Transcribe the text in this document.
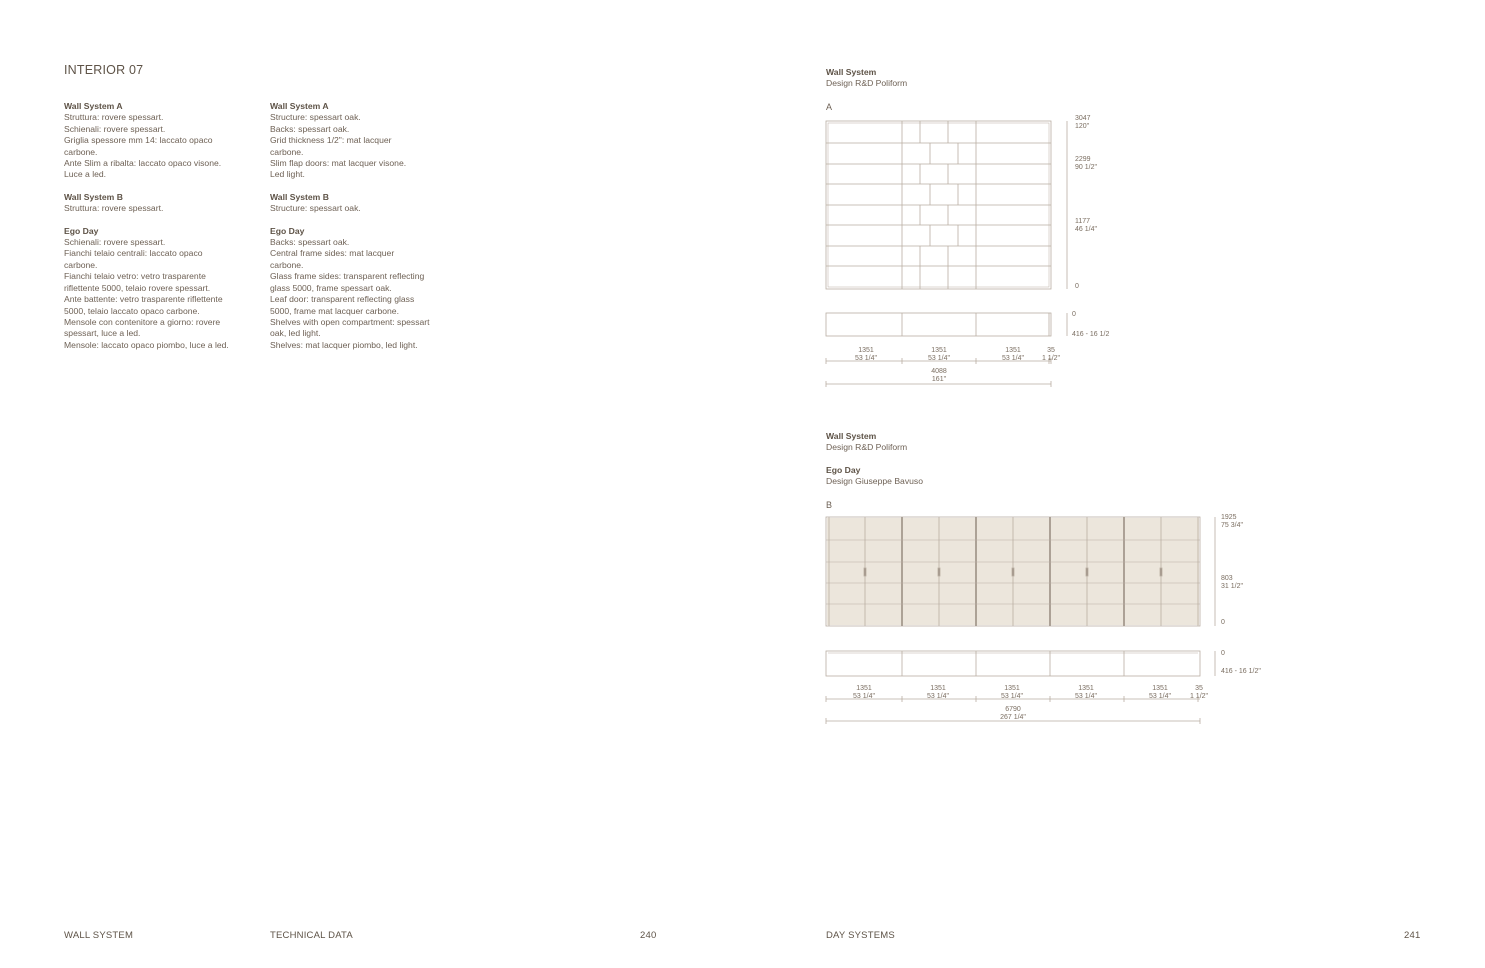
INTERIOR 07
Wall System A
Struttura: rovere spessart.
Schienali: rovere spessart.
Griglia spessore mm 14: laccato opaco
carbone.
Ante Slim a ribalta: laccato opaco visone.
Luce a led.
Wall System B
Struttura: rovere spessart.
Ego Day
Schienali: rovere spessart.
Fianchi telaio centrali: laccato opaco
carbone.
Fianchi telaio vetro: vetro trasparente
riflettente 5000, telaio rovere spessart.
Ante battente: vetro trasparente riflettente
5000, telaio laccato opaco carbone.
Mensole con contenitore a giorno: rovere
spessart, luce a led.
Mensole: laccato opaco piombo, luce a led.
Wall System A
Structure: spessart oak.
Backs: spessart oak.
Grid thickness 1/2": mat lacquer
carbone.
Slim flap doors: mat lacquer visone.
Led light.
Wall System B
Structure: spessart oak.
Ego Day
Backs: spessart oak.
Central frame sides: mat lacquer
carbone.
Glass frame sides: transparent reflecting
glass 5000, frame spessart oak.
Leaf door: transparent reflecting glass
5000, frame mat lacquer carbone.
Shelves with open compartment: spessart
oak, led light.
Shelves: mat lacquer piombo, led light.
Wall System
Design R&D Poliform
A
3047
120"
2299
90 1/2"
1177
46 1/4"
0
0
416 - 16 1/2
1351
53 1/4"
1351
53 1/4"
1351
53 1/4"
35
1 1/2"
4088
161"
Wall System
Design R&D Poliform
Ego Day
Design Giuseppe Bavuso
B
1925
75 3/4"
803
31 1/2"
0
0
416 - 16 1/2"
1351
53 1/4"
1351
53 1/4"
1351
53 1/4"
1351
53 1/4"
1351
53 1/4"
35
1 1/2"
6790
267 1/4"
WALL SYSTEM	TECHNICAL DATA	240	DAY SYSTEMS	241
